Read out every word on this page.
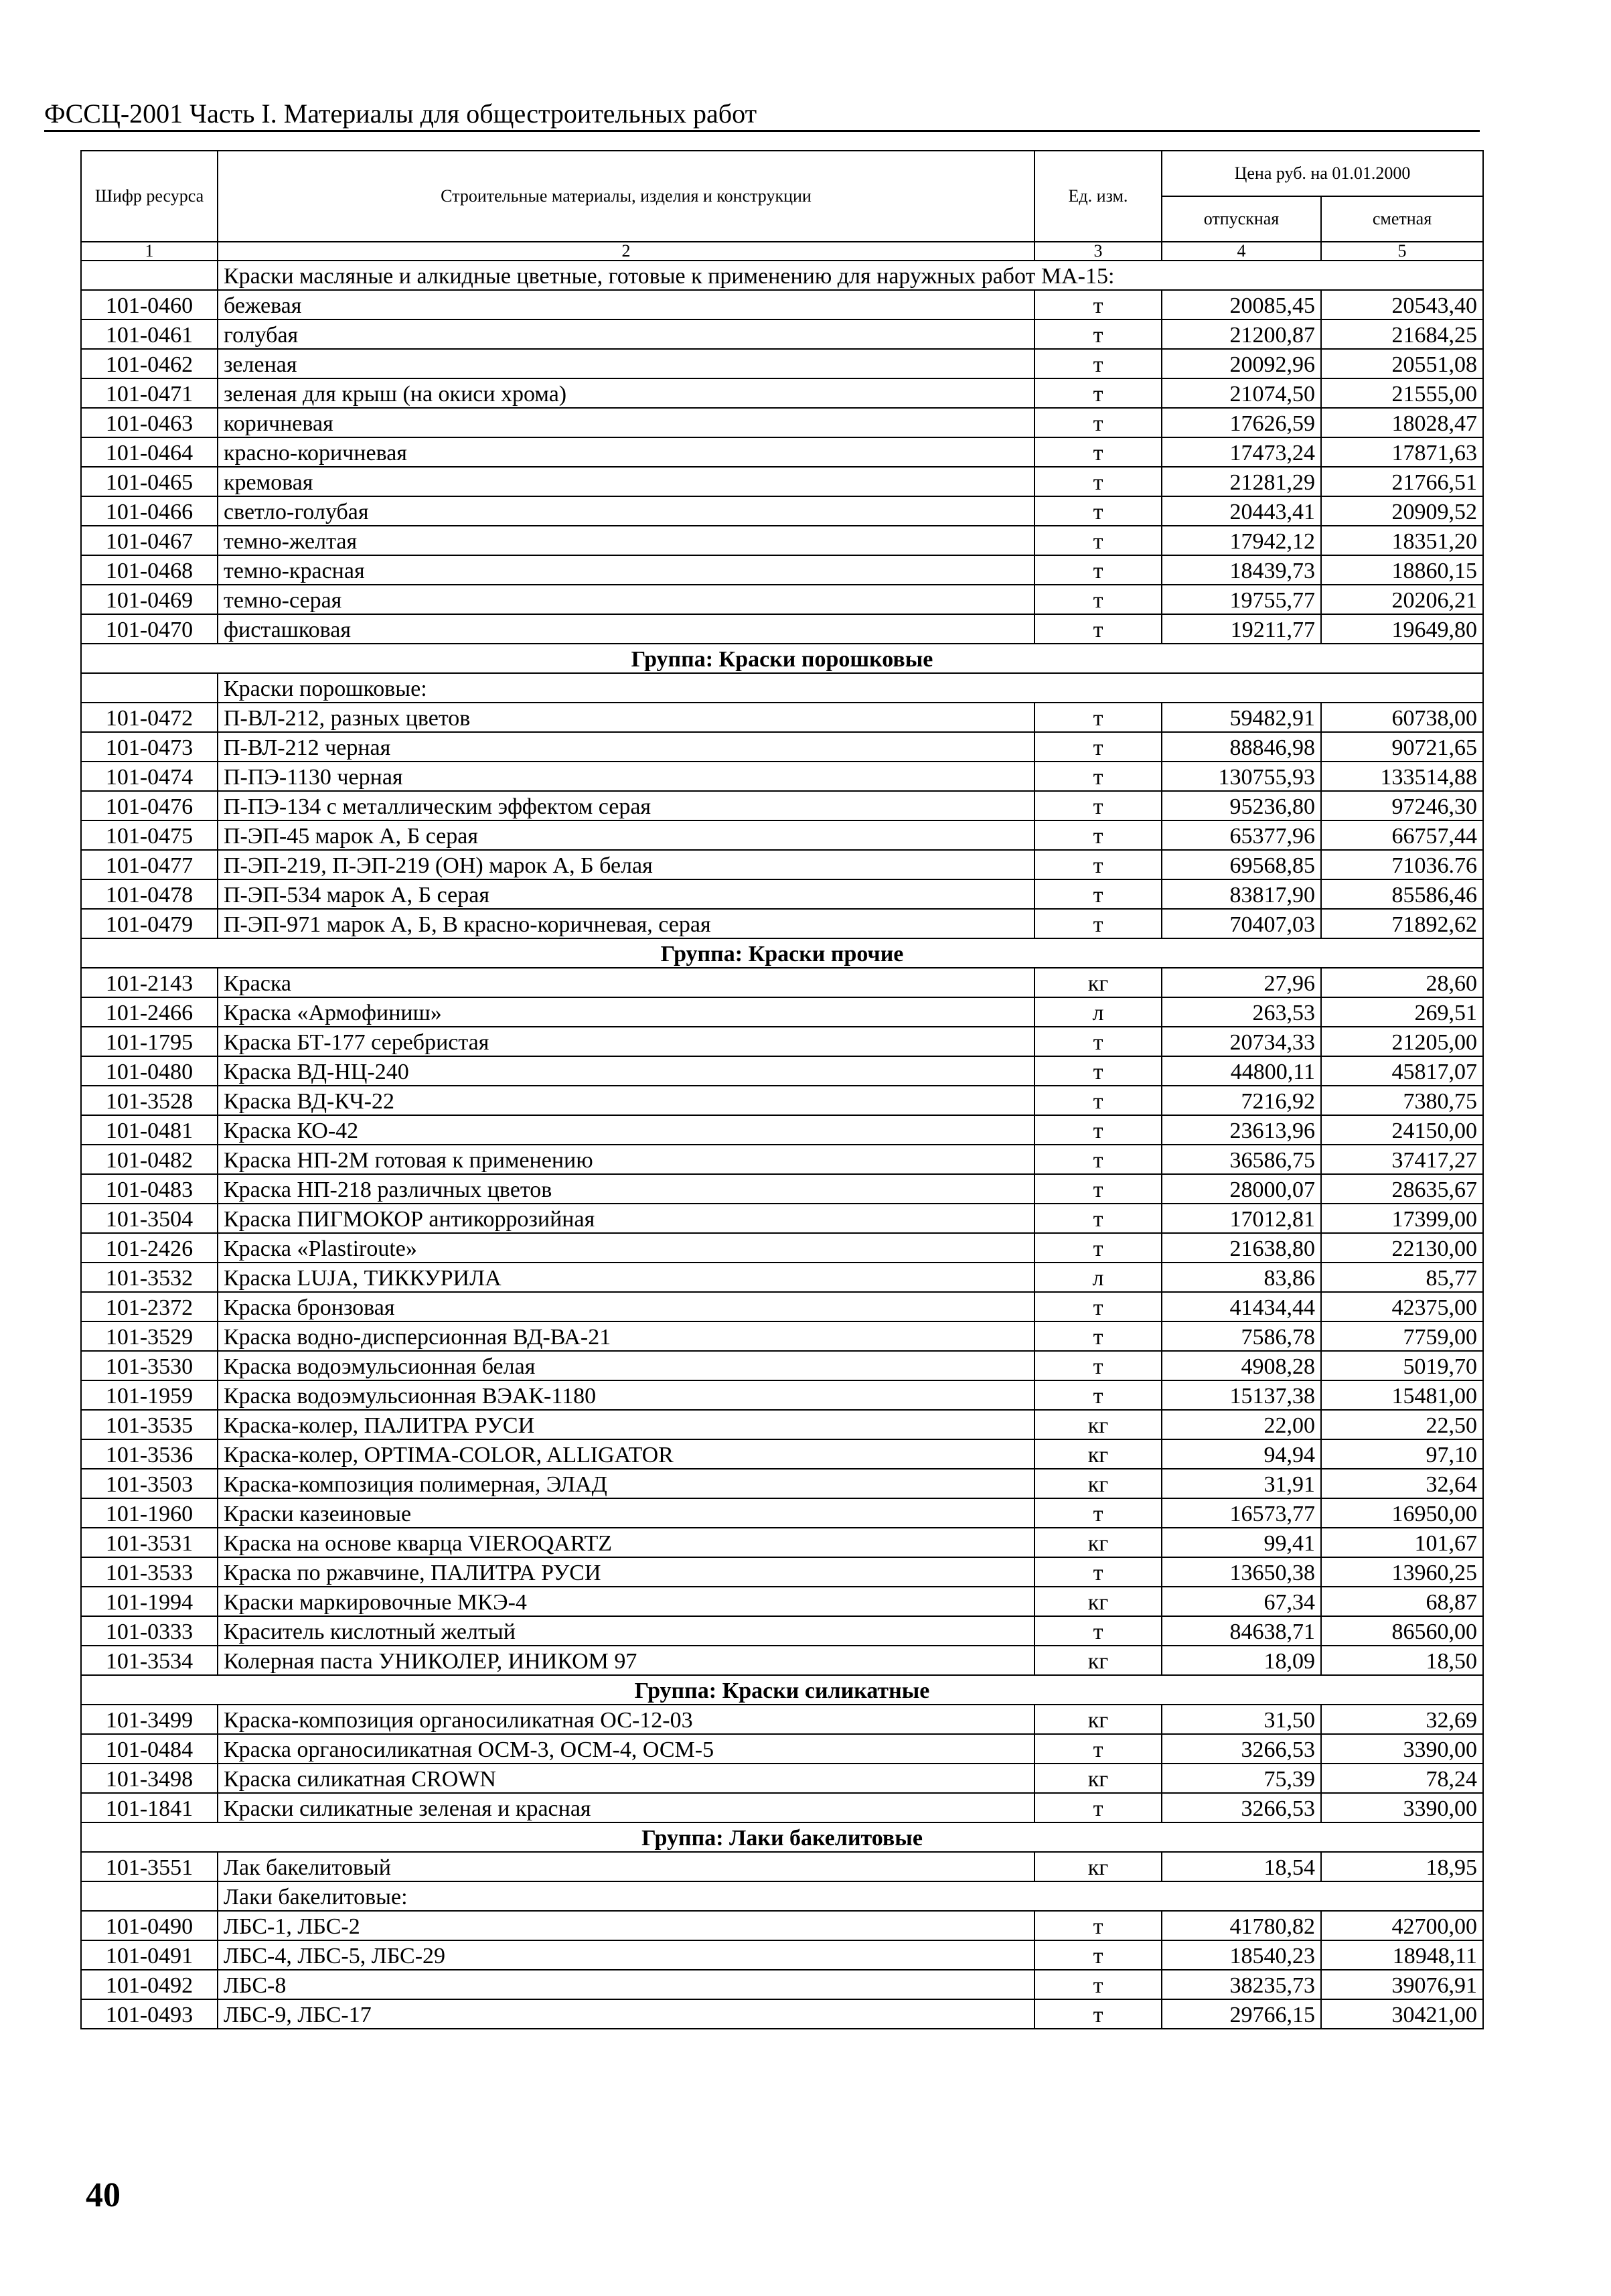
ФССЦ-2001 Часть I. Материалы для общестроительных работ
Шифр ресурса	Строительные материалы, изделия и конструкции	Ед. изм.	Цена руб. на 01.01.2000	
			отпускная	сметная
1	2	3	4	5
	Краски масляные и алкидные цветные, готовые к применению для наружных работ МА-15:			
101-0460	бежевая	т	20085,45	20543,40
101-0461	голубая	т	21200,87	21684,25
101-0462	зеленая	т	20092,96	20551,08
101-0471	зеленая для крыш (на окиси хрома)	т	21074,50	21555,00
101-0463	коричневая	т	17626,59	18028,47
101-0464	красно-коричневая	т	17473,24	17871,63
101-0465	кремовая	т	21281,29	21766,51
101-0466	светло-голубая	т	20443,41	20909,52
101-0467	темно-желтая	т	17942,12	18351,20
101-0468	темно-красная	т	18439,73	18860,15
101-0469	темно-серая	т	19755,77	20206,21
101-0470	фисташковая	т	19211,77	19649,80
Группа: Краски порошковые				
	Краски порошковые:			
101-0472	П-ВЛ-212, разных цветов	т	59482,91	60738,00
101-0473	П-ВЛ-212 черная	т	88846,98	90721,65
101-0474	П-ПЭ-1130 черная	т	130755,93	133514,88
101-0476	П-ПЭ-134 с металлическим эффектом серая	т	95236,80	97246,30
101-0475	П-ЭП-45 марок А, Б серая	т	65377,96	66757,44
101-0477	П-ЭП-219, П-ЭП-219 (ОН) марок А, Б белая	т	69568,85	71036.76
101-0478	П-ЭП-534 марок А, Б серая	т	83817,90	85586,46
101-0479	П-ЭП-971 марок А, Б, В красно-коричневая, серая	т	70407,03	71892,62
Группа: Краски прочие				
101-2143	Краска	кг	27,96	28,60
101-2466	Краска «Армофиниш»	л	263,53	269,51
101-1795	Краска БТ-177 серебристая	т	20734,33	21205,00
101-0480	Краска ВД-НЦ-240	т	44800,11	45817,07
101-3528	Краска ВД-КЧ-22	т	7216,92	7380,75
101-0481	Краска КО-42	т	23613,96	24150,00
101-0482	Краска НП-2М готовая к применению	т	36586,75	37417,27
101-0483	Краска НП-218 различных цветов	т	28000,07	28635,67
101-3504	Краска ПИГМОКОР антикоррозийная	т	17012,81	17399,00
101-2426	Краска «Plastiroute»	т	21638,80	22130,00
101-3532	Краска LUJA, ТИККУРИЛА	л	83,86	85,77
101-2372	Краска бронзовая	т	41434,44	42375,00
101-3529	Краска водно-дисперсионная ВД-ВА-21	т	7586,78	7759,00
101-3530	Краска водоэмульсионная белая	т	4908,28	5019,70
101-1959	Краска водоэмульсионная ВЭАК-1180	т	15137,38	15481,00
101-3535	Краска-колер, ПАЛИТРА РУСИ	кг	22,00	22,50
101-3536	Краска-колер, OPTIMA-COLOR, ALLIGATOR	кг	94,94	97,10
101-3503	Краска-композиция полимерная, ЭЛАД	кг	31,91	32,64
101-1960	Краски казеиновые	т	16573,77	16950,00
101-3531	Краска на основе кварца VIEROQARTZ	кг	99,41	101,67
101-3533	Краска по ржавчине, ПАЛИТРА РУСИ	т	13650,38	13960,25
101-1994	Краски маркировочные МКЭ-4	кг	67,34	68,87
101-0333	Краситель кислотный желтый	т	84638,71	86560,00
101-3534	Колерная паста УНИКОЛЕР, ИНИКОМ 97	кг	18,09	18,50
Группа: Краски силикатные				
101-3499	Краска-композиция органосиликатная ОС-12-03	кг	31,50	32,69
101-0484	Краска органосиликатная ОСМ-3, ОСМ-4, ОСМ-5	т	3266,53	3390,00
101-3498	Краска силикатная CROWN	кг	75,39	78,24
101-1841	Краски силикатные зеленая и красная	т	3266,53	3390,00
Группа: Лаки бакелитовые				
101-3551	Лак бакелитовый	кг	18,54	18,95
	Лаки бакелитовые:			
101-0490	ЛБС-1, ЛБС-2	т	41780,82	42700,00
101-0491	ЛБС-4, ЛБС-5, ЛБС-29	т	18540,23	18948,11
101-0492	ЛБС-8	т	38235,73	39076,91
101-0493	ЛБС-9, ЛБС-17	т	29766,15	30421,00
40
